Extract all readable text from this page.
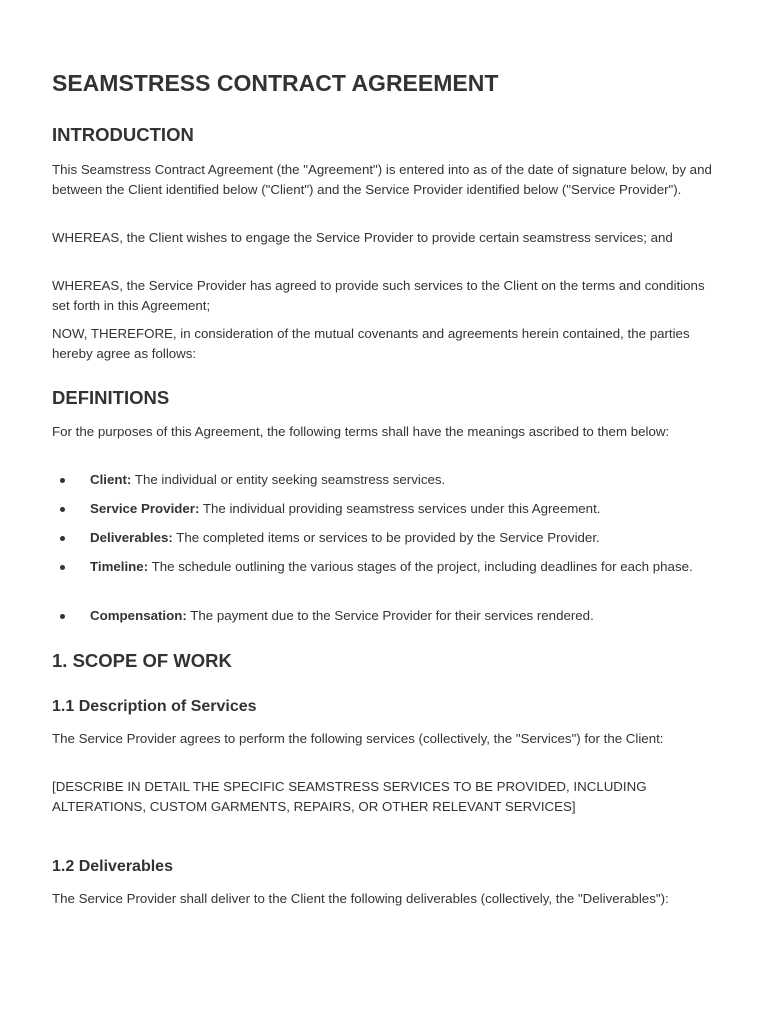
SEAMSTRESS CONTRACT AGREEMENT
INTRODUCTION

This Seamstress Contract Agreement (the "Agreement") is entered into as of the date of signature below, by and between the Client identified below ("Client") and the Service Provider identified below ("Service Provider").

WHEREAS, the Client wishes to engage the Service Provider to provide certain seamstress services; and

WHEREAS, the Service Provider has agreed to provide such services to the Client on the terms and conditions set forth in this Agreement;

NOW, THEREFORE, in consideration of the mutual covenants and agreements herein contained, the parties hereby agree as follows:

DEFINITIONS

For the purposes of this Agreement, the following terms shall have the meanings ascribed to them below:

Client: The individual or entity seeking seamstress services.
Service Provider: The individual providing seamstress services under this Agreement.
Deliverables: The completed items or services to be provided by the Service Provider.
Timeline: The schedule outlining the various stages of the project, including deadlines for each phase.
Compensation: The payment due to the Service Provider for their services rendered.
1. SCOPE OF WORK
1.1 Description of Services

The Service Provider agrees to perform the following services (collectively, the "Services") for the Client:

[DESCRIBE IN DETAIL THE SPECIFIC SEAMSTRESS SERVICES TO BE PROVIDED, INCLUDING ALTERATIONS, CUSTOM GARMENTS, REPAIRS, OR OTHER RELEVANT SERVICES]

1.2 Deliverables

The Service Provider shall deliver to the Client the following deliverables (collectively, the "Deliverables"):
